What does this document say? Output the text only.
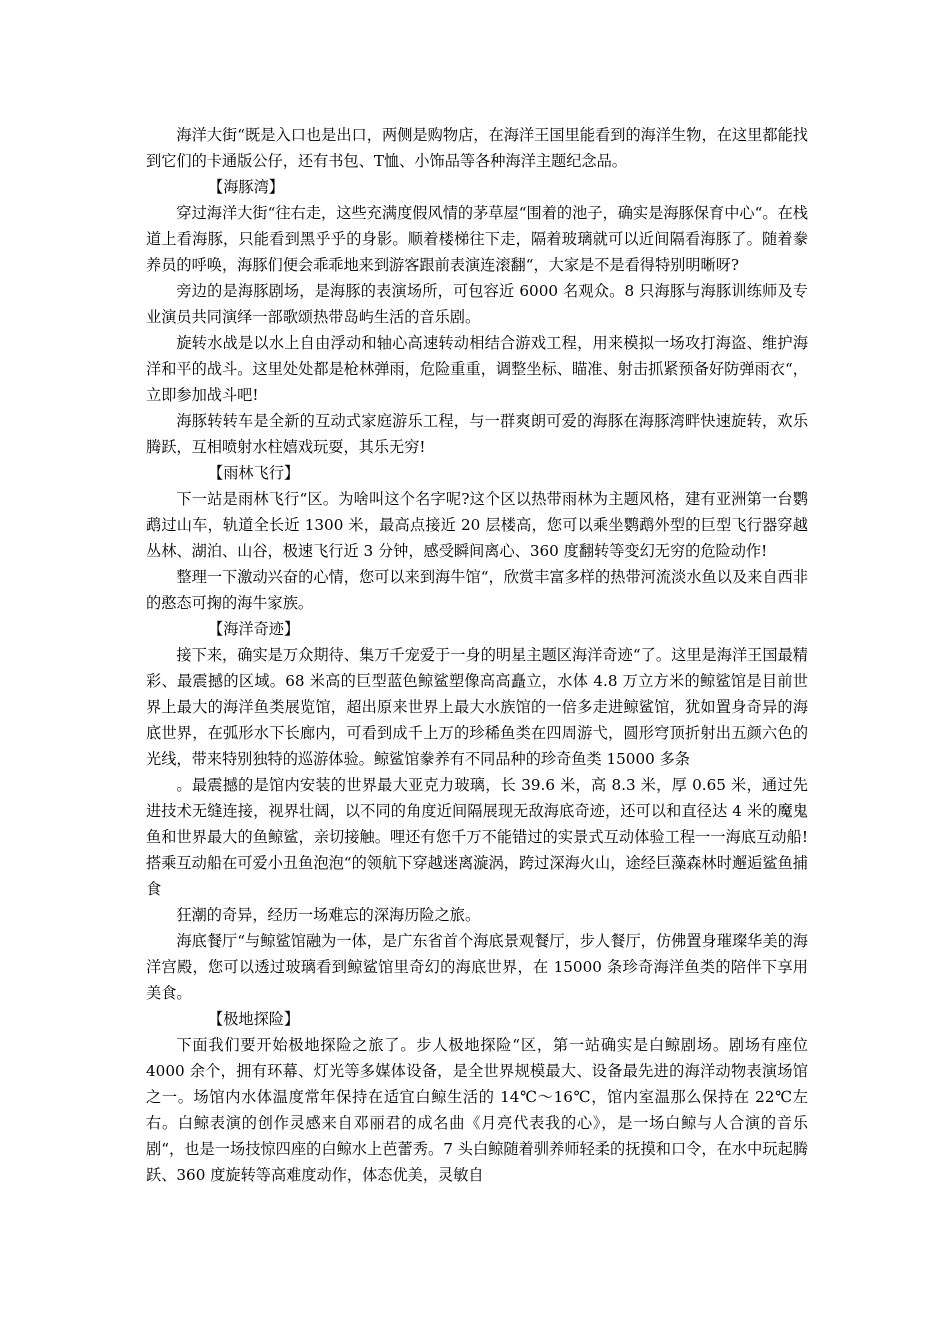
海洋大街“既是入口也是出口，两侧是购物店，在海洋王国里能看到的海洋生物，在这里都能找到它们的卡通版公仔，还有书包、T恤、小饰品等各种海洋主题纪念品。

【海豚湾】

穿过海洋大街“往右走，这些充满度假风情的茅草屋“围着的池子，确实是海豚保育中心“。在栈道上看海豚，只能看到黑乎乎的身影。顺着楼梯往下走，隔着玻璃就可以近间隔看海豚了。随着豢养员的呼唤，海豚们便会乖乖地来到游客跟前表演连滚翻“，大家是不是看得特别明晰呀?

旁边的是海豚剧场，是海豚的表演场所，可包容近 6000 名观众。8 只海豚与海豚训练师及专业演员共同演绎一部歌颂热带岛屿生活的音乐剧。

旋转水战是以水上自由浮动和轴心高速转动相结合游戏工程，用来模拟一场攻打海盗、维护海洋和平的战斗。这里处处都是枪林弹雨，危险重重，调整坐标、瞄准、射击抓紧预备好防弹雨衣“，立即参加战斗吧!

海豚转转车是全新的互动式家庭游乐工程，与一群爽朗可爱的海豚在海豚湾畔快速旋转，欢乐腾跃，互相喷射水柱嬉戏玩耍，其乐无穷!

【雨林飞行】

下一站是雨林飞行“区。为啥叫这个名字呢?这个区以热带雨林为主题风格，建有亚洲第一台鹦鹉过山车，轨道全长近 1300 米，最高点接近 20 层楼高，您可以乘坐鹦鹉外型的巨型飞行器穿越丛林、湖泊、山谷，极速飞行近 3 分钟，感受瞬间离心、360 度翻转等变幻无穷的危险动作!

整理一下激动兴奋的心情，您可以来到海牛馆“，欣赏丰富多样的热带河流淡水鱼以及来自西非的憨态可掬的海牛家族。

【海洋奇迹】

接下来，确实是万众期待、集万千宠爱于一身的明星主题区海洋奇迹“了。这里是海洋王国最精彩、最震撼的区域。68 米高的巨型蓝色鲸鲨塑像高高矗立，水体 4.8 万立方米的鲸鲨馆是目前世界上最大的海洋鱼类展览馆，超出原来世界上最大水族馆的一倍多走进鲸鲨馆，犹如置身奇异的海底世界，在弧形水下长廊内，可看到成千上万的珍稀鱼类在四周游弋，圆形穹顶折射出五颜六色的光线，带来特别独特的巡游体验。鲸鲨馆豢养有不同品种的珍奇鱼类 15000 多条

。最震撼的是馆内安装的世界最大亚克力玻璃，长 39.6 米，高 8.3 米，厚 0.65 米，通过先进技术无缝连接，视界壮阔，以不同的角度近间隔展现无敌海底奇迹，还可以和直径达 4 米的魔鬼鱼和世界最大的鱼鲸鲨，亲切接触。哩还有您千万不能错过的实景式互动体验工程一一海底互动船!搭乘互动船在可爱小丑鱼泡泡“的领航下穿越迷离漩涡，跨过深海火山，途经巨藻森林时邂逅鲨鱼捕食

狂潮的奇异，经历一场难忘的深海历险之旅。

海底餐厅“与鲸鲨馆融为一体，是广东省首个海底景观餐厅，步人餐厅，仿佛置身璀璨华美的海洋宫殿，您可以透过玻璃看到鲸鲨馆里奇幻的海底世界，在 15000 条珍奇海洋鱼类的陪伴下享用美食。

【极地探险】

下面我们要开始极地探险之旅了。步人极地探险“区，第一站确实是白鲸剧场。剧场有座位 4000 余个，拥有环幕、灯光等多媒体设备，是全世界规模最大、设备最先进的海洋动物表演场馆之一。场馆内水体温度常年保持在适宜白鲸生活的 14℃～16℃，馆内室温那么保持在 22℃左右。白鲸表演的创作灵感来自邓丽君的成名曲《月亮代表我的心》，是一场白鲸与人合演的音乐剧“，也是一场技惊四座的白鲸水上芭蕾秀。7 头白鲸随着驯养师轻柔的抚摸和口令，在水中玩起腾跃、360 度旋转等高难度动作，体态优美，灵敏自
